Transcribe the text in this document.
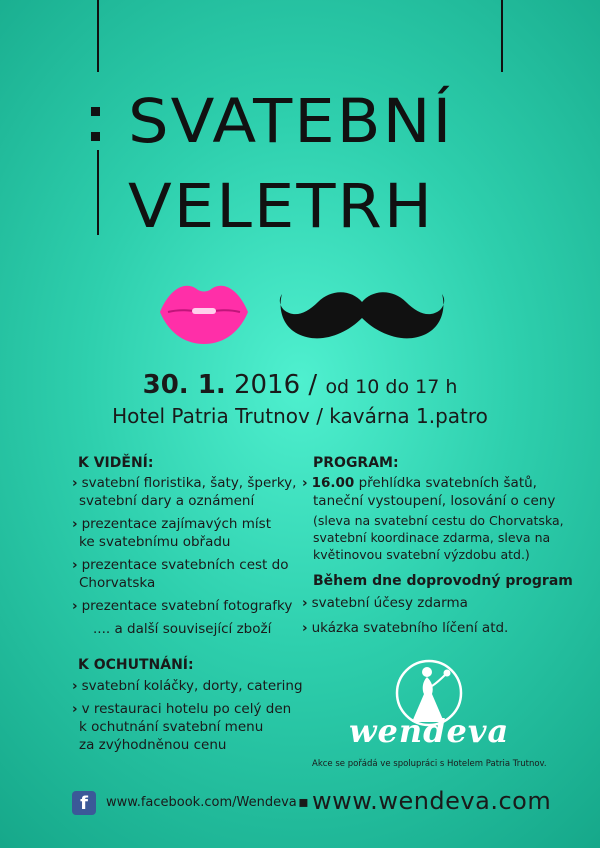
SVATEBNÍ
VELETRH
30. 1. 2016 / od 10 do 17 h
Hotel Patria Trutnov / kavárna 1.patro
K VIDĚNÍ:
› svatební floristika, šaty, šperky,
svatební dary a oznámení
› prezentace zajímavých míst
ke svatebnímu obřadu
› prezentace svatebních cest do
Chorvatska
› prezentace svatební fotografky
.... a další související zboží
K OCHUTNÁNÍ:
› svatební koláčky, dorty, catering
› v restauraci hotelu po celý den
k ochutnání svatební menu
za zvýhodněnou cenu
PROGRAM:
› 16.00 přehlídka svatebních šatů,
taneční vystoupení, losování o ceny
(sleva na svatební cestu do Chorvatska,
svatební koordinace zdarma, sleva na
květinovou svatební výzdobu atd.)
Během dne doprovodný program
› svatební účesy zdarma
› ukázka svatebního líčení atd.
wendeva
Akce se pořádá ve spolupráci s Hotelem Patria Trutnov.
f	www.facebook.com/Wendeva ▪ www.wendeva.com
